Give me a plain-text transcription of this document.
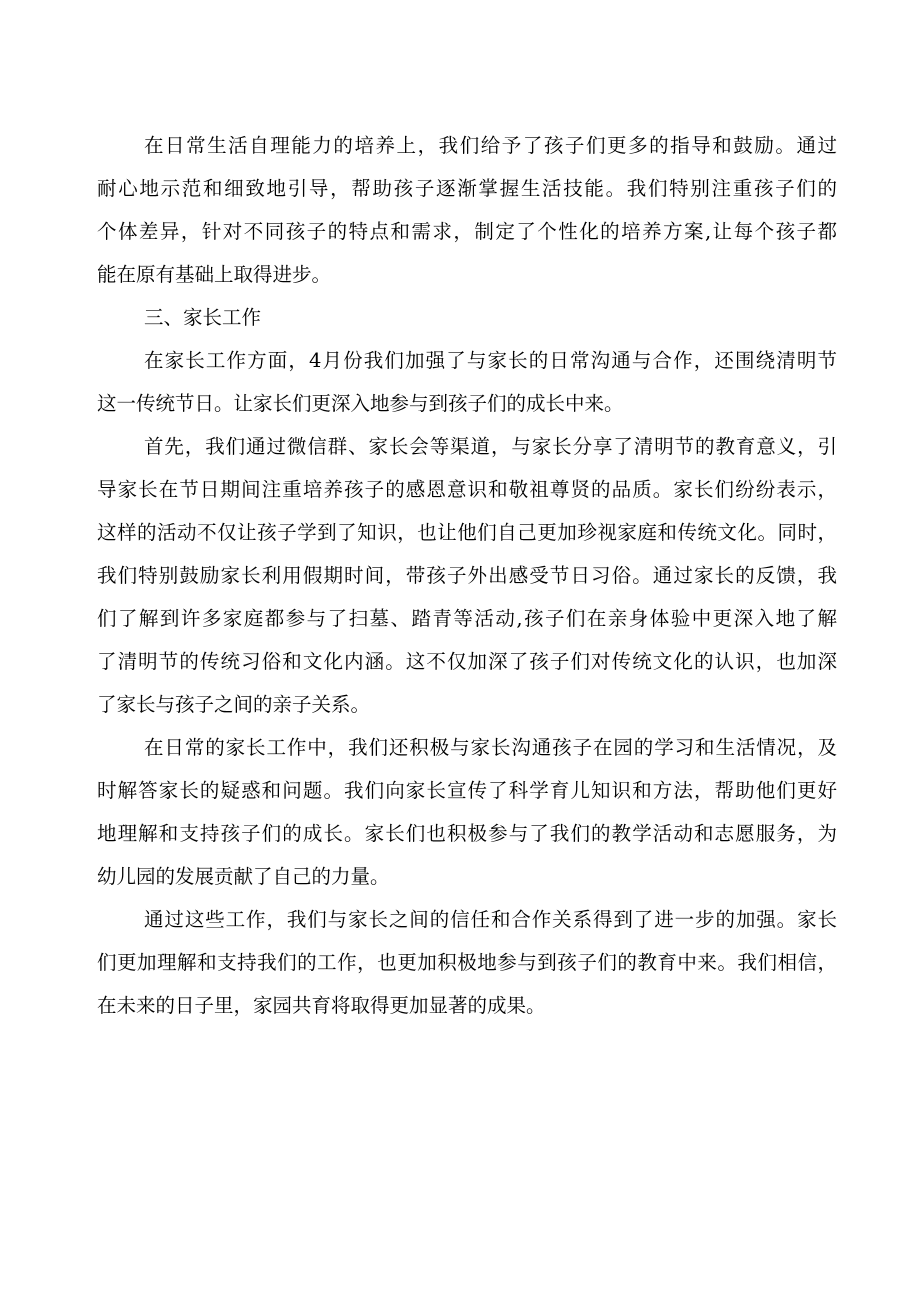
在日常生活自理能力的培养上，我们给予了孩子们更多的指导和鼓励。通过
耐心地示范和细致地引导，帮助孩子逐渐掌握生活技能。我们特别注重孩子们的
个体差异，针对不同孩子的特点和需求，制定了个性化的培养方案,让每个孩子都
能在原有基础上取得进步。
三、家长工作
在家长工作方面，4月份我们加强了与家长的日常沟通与合作，还围绕清明节
这一传统节日。让家长们更深入地参与到孩子们的成长中来。
首先，我们通过微信群、家长会等渠道，与家长分享了清明节的教育意义，引
导家长在节日期间注重培养孩子的感恩意识和敬祖尊贤的品质。家长们纷纷表示，
这样的活动不仅让孩子学到了知识，也让他们自己更加珍视家庭和传统文化。同时，
我们特别鼓励家长利用假期时间，带孩子外出感受节日习俗。通过家长的反馈，我
们了解到许多家庭都参与了扫墓、踏青等活动,孩子们在亲身体验中更深入地了解
了清明节的传统习俗和文化内涵。这不仅加深了孩子们对传统文化的认识，也加深
了家长与孩子之间的亲子关系。
在日常的家长工作中，我们还积极与家长沟通孩子在园的学习和生活情况，及
时解答家长的疑惑和问题。我们向家长宣传了科学育儿知识和方法，帮助他们更好
地理解和支持孩子们的成长。家长们也积极参与了我们的教学活动和志愿服务，为
幼儿园的发展贡献了自己的力量。
通过这些工作，我们与家长之间的信任和合作关系得到了进一步的加强。家长
们更加理解和支持我们的工作，也更加积极地参与到孩子们的教育中来。我们相信，
在未来的日子里，家园共育将取得更加显著的成果。
